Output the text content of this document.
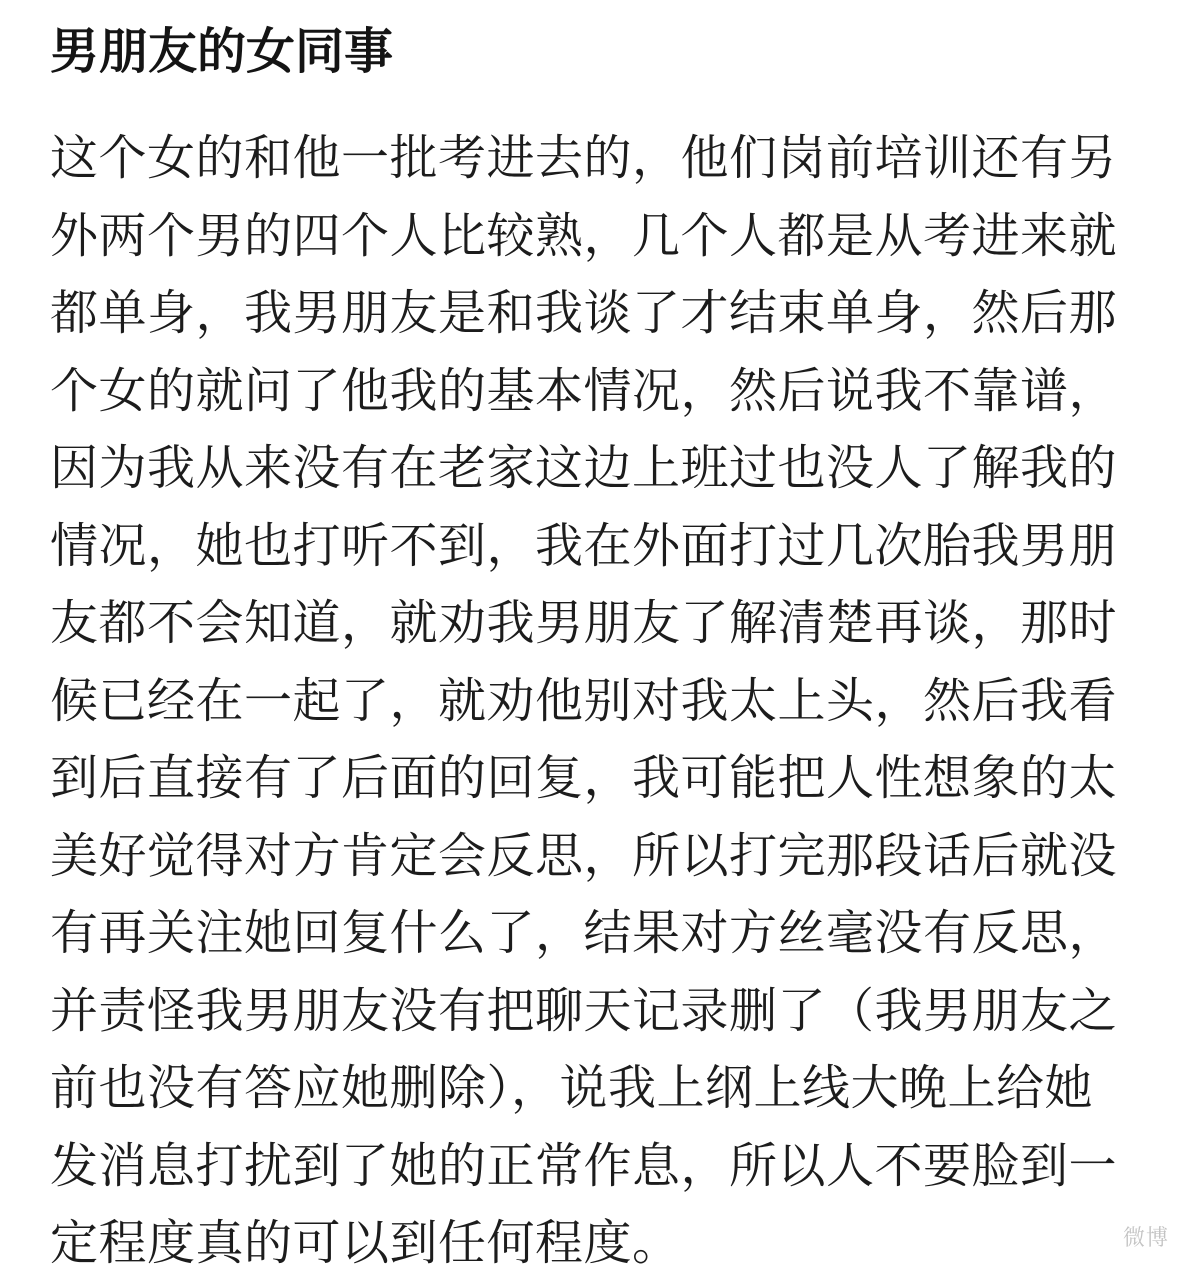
男朋友的女同事
这个女的和他一批考进去的，他们岗前培训还有另
外两个男的四个人比较熟，几个人都是从考进来就
都单身，我男朋友是和我谈了才结束单身，然后那
个女的就问了他我的基本情况，然后说我不靠谱，
因为我从来没有在老家这边上班过也没人了解我的
情况，她也打听不到，我在外面打过几次胎我男朋
友都不会知道，就劝我男朋友了解清楚再谈，那时
候已经在一起了，就劝他别对我太上头，然后我看
到后直接有了后面的回复，我可能把人性想象的太
美好觉得对方肯定会反思，所以打完那段话后就没
有再关注她回复什么了，结果对方丝毫没有反思，
并责怪我男朋友没有把聊天记录删了（我男朋友之
前也没有答应她删除），说我上纲上线大晚上给她
发消息打扰到了她的正常作息，所以人不要脸到一
定程度真的可以到任何程度。	微博
